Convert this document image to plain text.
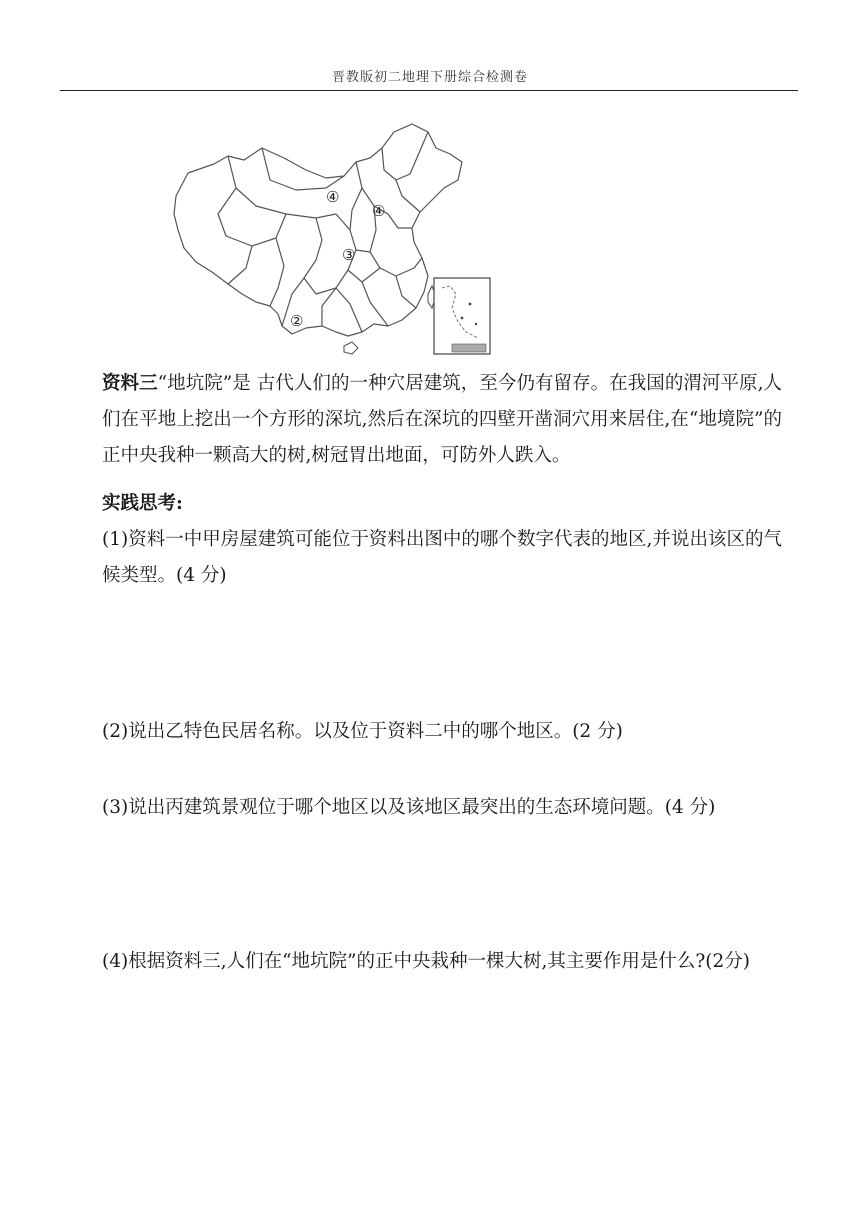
晋教版初二地理下册综合检测卷
④
④
③
②

资料三“地坑院”是 古代人们的一种穴居建筑，至今仍有留存。在我国的渭河平原,人们在平地上挖出一个方形的深坑,然后在深坑的四壁开凿洞穴用来居住,在“地境院”的正中央我种一颗高大的树,树冠胃出地面，可防外人跌入。

实践思考:

(1)资料一中甲房屋建筑可能位于资料出图中的哪个数字代表的地区,并说出该区的气候类型。(4 分)

(2)说出乙特色民居名称。以及位于资料二中的哪个地区。(2 分)

(3)说出丙建筑景观位于哪个地区以及该地区最突出的生态环境问题。(4 分)

(4)根据资料三,人们在“地坑院”的正中央栽种一棵大树,其主要作用是什么?(2分)
